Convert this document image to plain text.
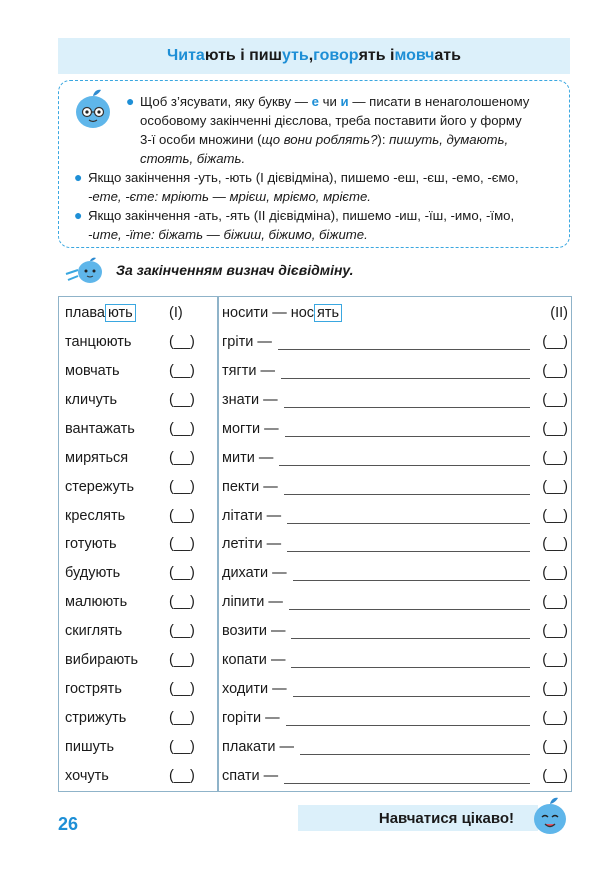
Чита ють і пиш уть , говор ять і мовч ать
● Щоб з’ясувати, яку букву — е чи и — писати в ненаголошеному
особовому закінченні дієслова, треба поставити його у форму
3-ї особи множини (що вони роблять?): пишуть, думають,
стоять, біжать.
● Якщо закінчення -уть, -ють (І дієвідміна), пишемо -еш, -єш, -емо, -ємо,
-ете, -єте: мріють — мрієш, мріємо, мрієте.
● Якщо закінчення -ать, -ять (ІІ дієвідміна), пишемо -иш, -їш, -имо, -їмо,
-ите, -їте: біжать — біжиш, біжимо, біжите.
За закінченням визнач дієвідміну.
плава ють	(І)
танцюють	(__)
мовчать	(__)
кличуть	(__)
вантажать (__)
миряться	(__)
стережуть (__)
креслять	(__)
готують	(__)
будують	(__)
малюють	(__)
скиглять	(__)
вибирають (__)
гострять	(__)
стрижуть	(__)
пишуть	(__)
хочуть	(__)
носити — нос ять	(ІІ)
гріти —	(__)
тягти —	(__)
знати —	(__)
могти —	(__)
мити —	(__)
пекти —	(__)
літати —	(__)
летіти —	(__)
дихати —	(__)
ліпити —	(__)
возити —	(__)
копати —	(__)
ходити —	(__)
горіти —	(__)
плакати —	(__)
спати —	(__)
26	Навчатися цікаво!
